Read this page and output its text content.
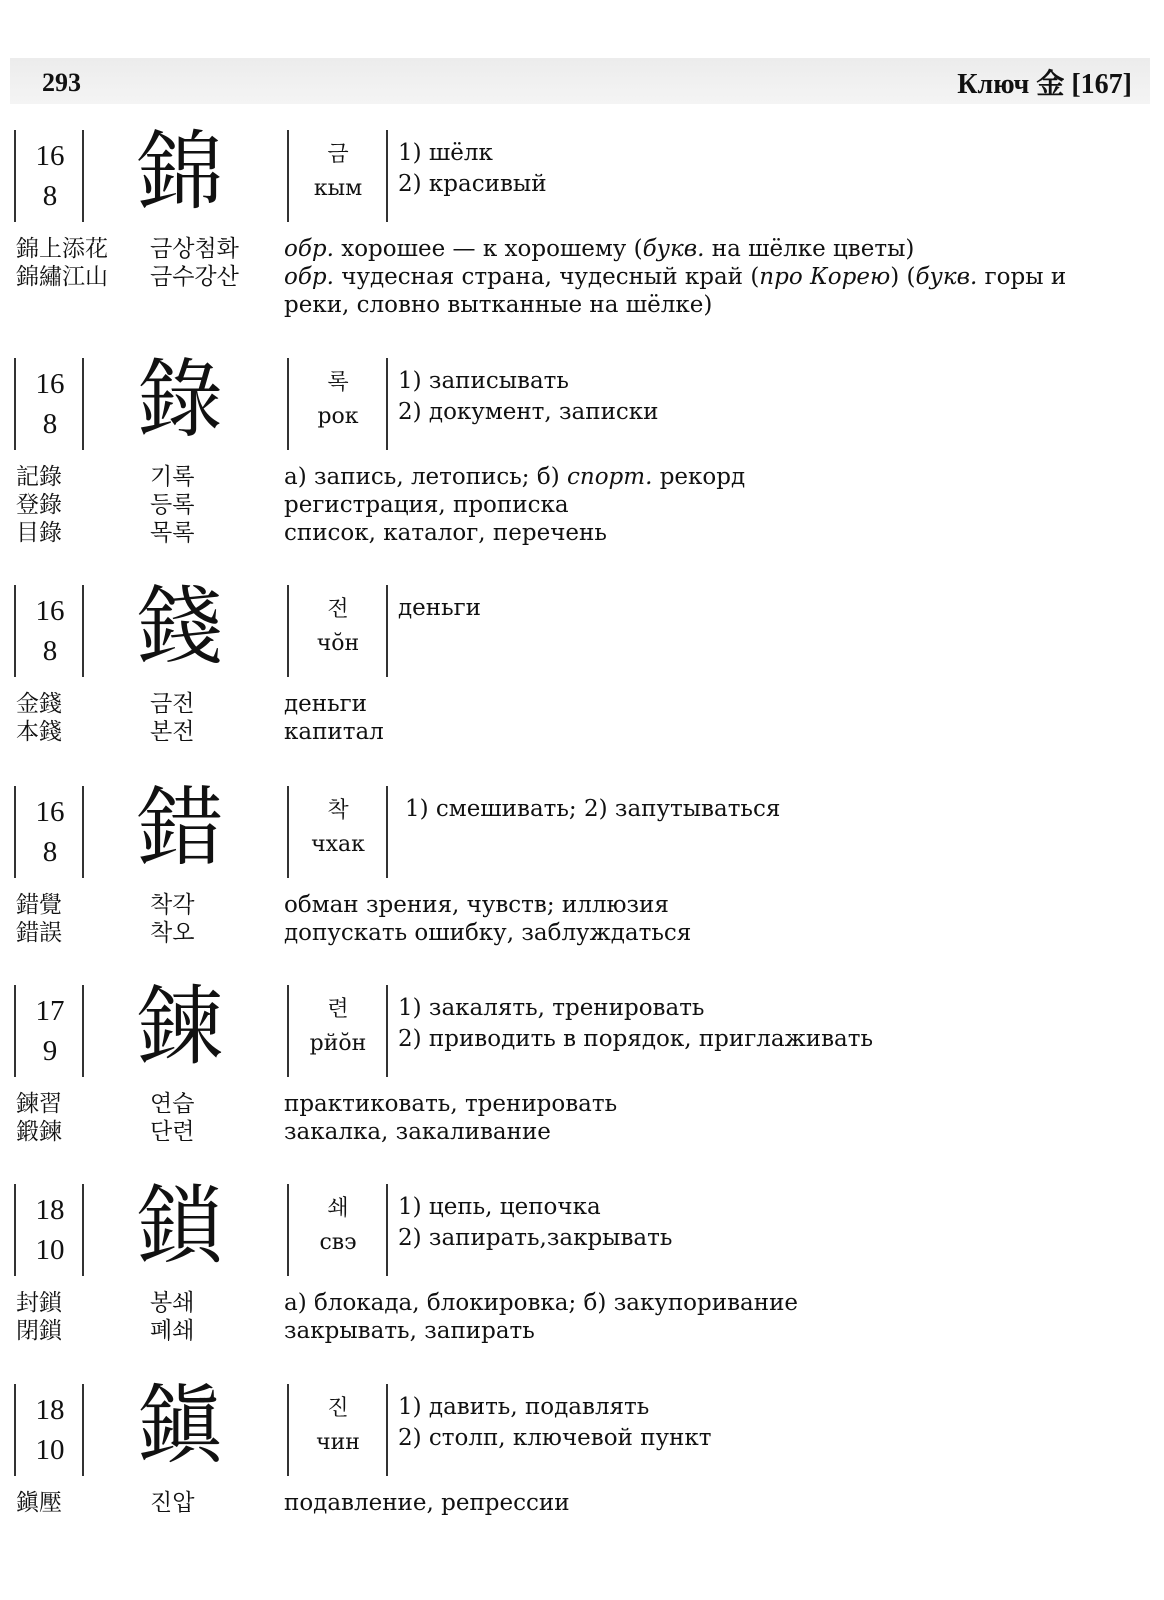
293	Ключ 金 [167]
16
8 錦	금
кым
1) шёлк
2) красивый
錦上添花	금상첨화	обр. хорошее — к хорошему (букв. на шёлке цветы)
錦繡江山	금수강산	обр. чудесная страна, чудесный край (про Корею) (букв. горы и реки, словно вытканные на шёлке)
16
8 錄	록
рок
1) записывать
2) документ, записки
記錄	기록	а) запись, летопись; б) спорт. рекорд
登錄	등록	регистрация, прописка
目錄	목록	список, каталог, перечень
16
8 錢	전
чŏн
деньги
金錢	금전	деньги
本錢	본전	капитал
16
8 錯	착
чхак
1) смешивать; 2) запутываться
錯覺	착각	обман зрения, чувств; иллюзия
錯誤	착오	допускать ошибку, заблуждаться
17
9 鍊	련
рйŏн
1) закалять, тренировать
2) приводить в порядок, приглаживать
鍊習	연습	практиковать, тренировать
鍛鍊	단련	закалка, закаливание
18
10 鎖	쇄
свэ
1) цепь, цепочка
2) запирать,закрывать
封鎖	봉쇄	а) блокада, блокировка; б) закупоривание
閉鎖	폐쇄	закрывать, запирать
18
10 鎭	진
чин
1) давить, подавлять
2) столп, ключевой пункт
鎭壓	진압	подавление, репрессии
